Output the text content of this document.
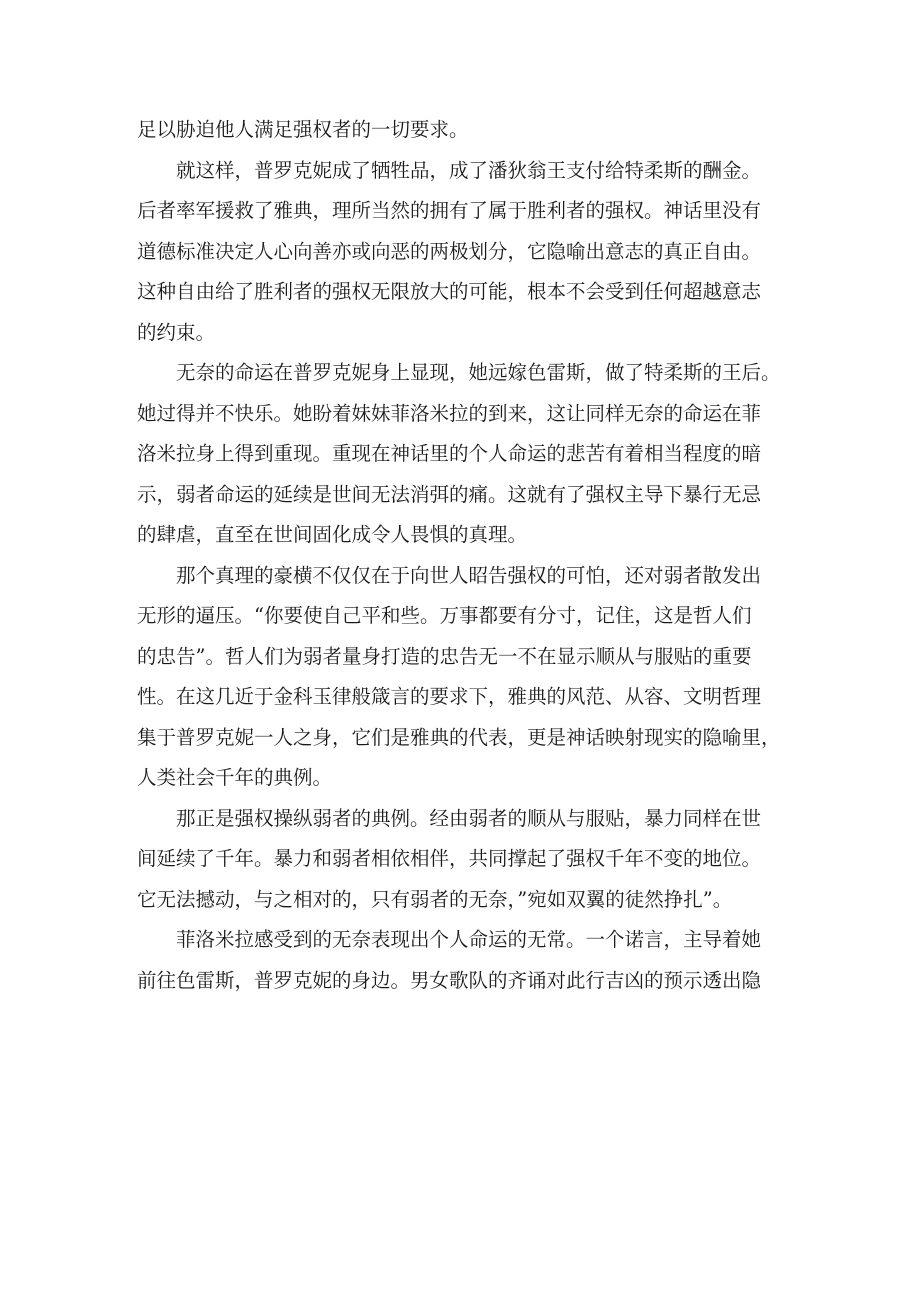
足以胁迫他人满足强权者的一切要求。
就这样，普罗克妮成了牺牲品，成了潘狄翁王支付给特柔斯的酬金。
后者率军援救了雅典，理所当然的拥有了属于胜利者的强权。神话里没有
道德标准决定人心向善亦或向恶的两极划分，它隐喻出意志的真正自由。
这种自由给了胜利者的强权无限放大的可能，根本不会受到任何超越意志
的约束。
无奈的命运在普罗克妮身上显现，她远嫁色雷斯，做了特柔斯的王后。
她过得并不快乐。她盼着妹妹菲洛米拉的到来，这让同样无奈的命运在菲
洛米拉身上得到重现。重现在神话里的个人命运的悲苦有着相当程度的暗
示，弱者命运的延续是世间无法消弭的痛。这就有了强权主导下暴行无忌
的肆虐，直至在世间固化成令人畏惧的真理。
那个真理的豪横不仅仅在于向世人昭告强权的可怕，还对弱者散发出
无形的逼压。“你要使自己平和些。万事都要有分寸，记住，这是哲人们
的忠告”。哲人们为弱者量身打造的忠告无一不在显示顺从与服贴的重要
性。在这几近于金科玉律般箴言的要求下，雅典的风范、从容、文明哲理
集于普罗克妮一人之身，它们是雅典的代表，更是神话映射现实的隐喻里，
人类社会千年的典例。
那正是强权操纵弱者的典例。经由弱者的顺从与服贴，暴力同样在世
间延续了千年。暴力和弱者相依相伴，共同撑起了强权千年不变的地位。
它无法撼动，与之相对的，只有弱者的无奈，”宛如双翼的徒然挣扎”。
菲洛米拉感受到的无奈表现出个人命运的无常。一个诺言，主导着她
前往色雷斯，普罗克妮的身边。男女歌队的齐诵对此行吉凶的预示透出隐
